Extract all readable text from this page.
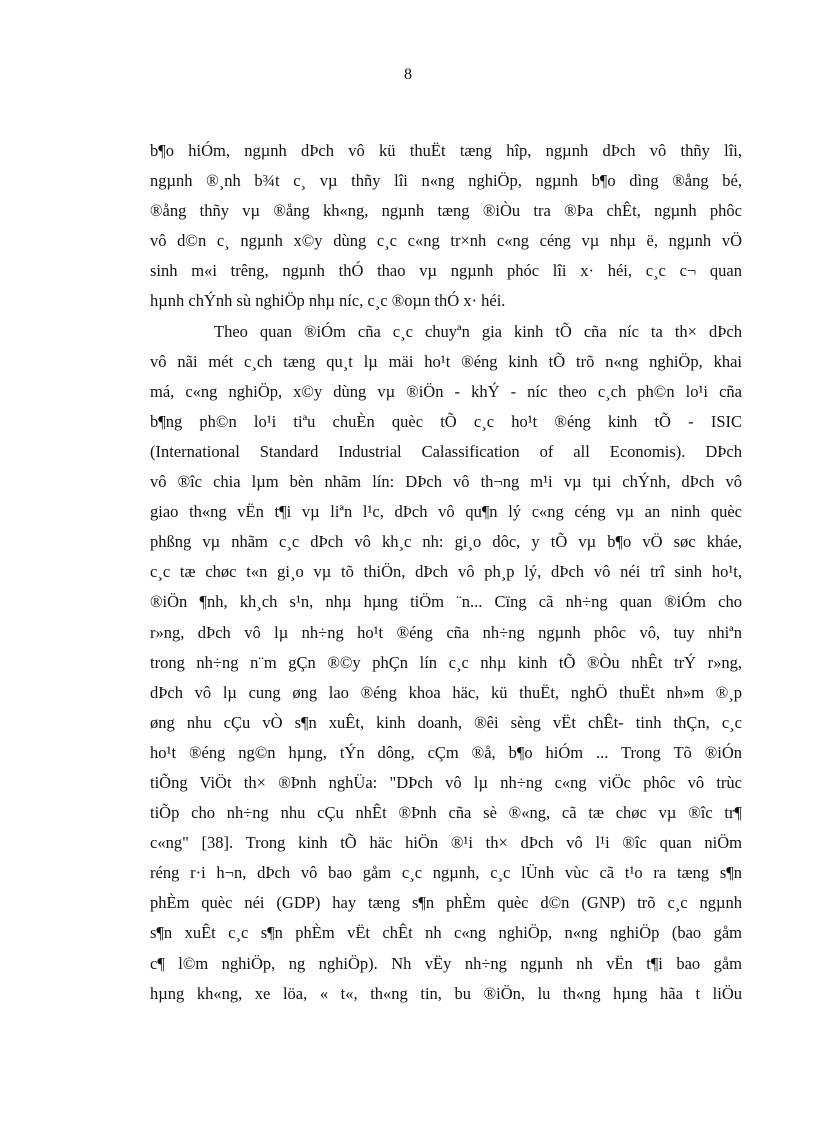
8
b¶o hiÓm, ngµnh dÞch vô kü thuËt tæng hîp, ngµnh dÞch vô thñy lîi,
ngµnh ®¸nh b¾t c¸ vµ thñy lîi n«ng nghiÖp, ngµnh b¶o dìng ®ång bé,
®ång thñy vµ ®ång kh«ng, ngµnh tæng ®iÒu tra ®Þa chÊt, ngµnh phôc
vô d©n c¸ ngµnh x©y dùng c¸c c«ng tr×nh c«ng céng vµ nhµ ë, ngµnh vÖ
sinh m«i trêng, ngµnh thÓ thao vµ ngµnh phóc lîi x· héi, c¸c c¬ quan
hµnh chÝnh sù nghiÖp nhµ níc, c¸c ®oµn thÓ x· héi.
Theo quan ®iÓm cña c¸c chuyªn gia kinh tÕ cña níc ta th× dÞch
vô nãi mét c¸ch tæng qu¸t lµ mäi ho¹t ®éng kinh tÕ trõ n«ng nghiÖp, khai
má, c«ng nghiÖp, x©y dùng vµ ®iÖn - khÝ - níc theo c¸ch ph©n lo¹i cña
b¶ng ph©n lo¹i tiªu chuÈn quèc tÕ c¸c ho¹t ®éng kinh tÕ - ISIC
(International Standard Industrial Calassification of all Economis). DÞch
vô ®îc chia lµm bèn nhãm lín: DÞch vô th¬ng m¹i vµ tµi chÝnh, dÞch vô
giao th«ng vËn t¶i vµ liªn l¹c, dÞch vô qu¶n lý c«ng céng vµ an ninh quèc
phßng vµ nhãm c¸c dÞch vô kh¸c nh: gi¸o dôc, y tÕ vµ b¶o vÖ søc kháe,
c¸c tæ chøc t«n gi¸o vµ tõ thiÖn, dÞch vô ph¸p lý, dÞch vô néi trî sinh ho¹t,
®iÖn ¶nh, kh¸ch s¹n, nhµ hµng tiÖm ¨n... Cïng cã nh÷ng quan ®iÓm cho
r»ng, dÞch vô lµ nh÷ng ho¹t ®éng cña nh÷ng ngµnh phôc vô, tuy nhiªn
trong nh÷ng n¨m gÇn ®©y phÇn lín c¸c nhµ kinh tÕ ®Òu nhÊt trÝ r»ng,
dÞch vô lµ cung øng lao ®éng khoa häc, kü thuËt, nghÖ thuËt nh»m ®¸p
øng nhu cÇu vÒ s¶n xuÊt, kinh doanh, ®êi sèng vËt chÊt- tinh thÇn, c¸c
ho¹t ®éng ng©n hµng, tÝn dông, cÇm ®å, b¶o hiÓm ... Trong Tõ ®iÓn
tiÕng ViÖt th× ®Þnh nghÜa: "DÞch vô lµ nh÷ng c«ng viÖc phôc vô trùc
tiÕp cho nh÷ng nhu cÇu nhÊt ®Þnh cña sè ®«ng, cã tæ chøc vµ ®îc tr¶
c«ng" [38]. Trong kinh tÕ häc hiÖn ®¹i th× dÞch vô l¹i ®îc quan niÖm
réng r·i h¬n, dÞch vô bao gåm c¸c ngµnh, c¸c lÜnh vùc cã t¹o ra tæng s¶n
phÈm quèc néi (GDP) hay tæng s¶n phÈm quèc d©n (GNP) trõ c¸c ngµnh
s¶n xuÊt c¸c s¶n phÈm vËt chÊt nh c«ng nghiÖp, n«ng nghiÖp (bao gåm
c¶ l©m nghiÖp, ng nghiÖp). Nh vËy nh÷ng ngµnh nh vËn t¶i bao gåm
hµng kh«ng, xe löa, « t«, th«ng tin, bu ®iÖn, lu th«ng hµng hãa t liÖu
